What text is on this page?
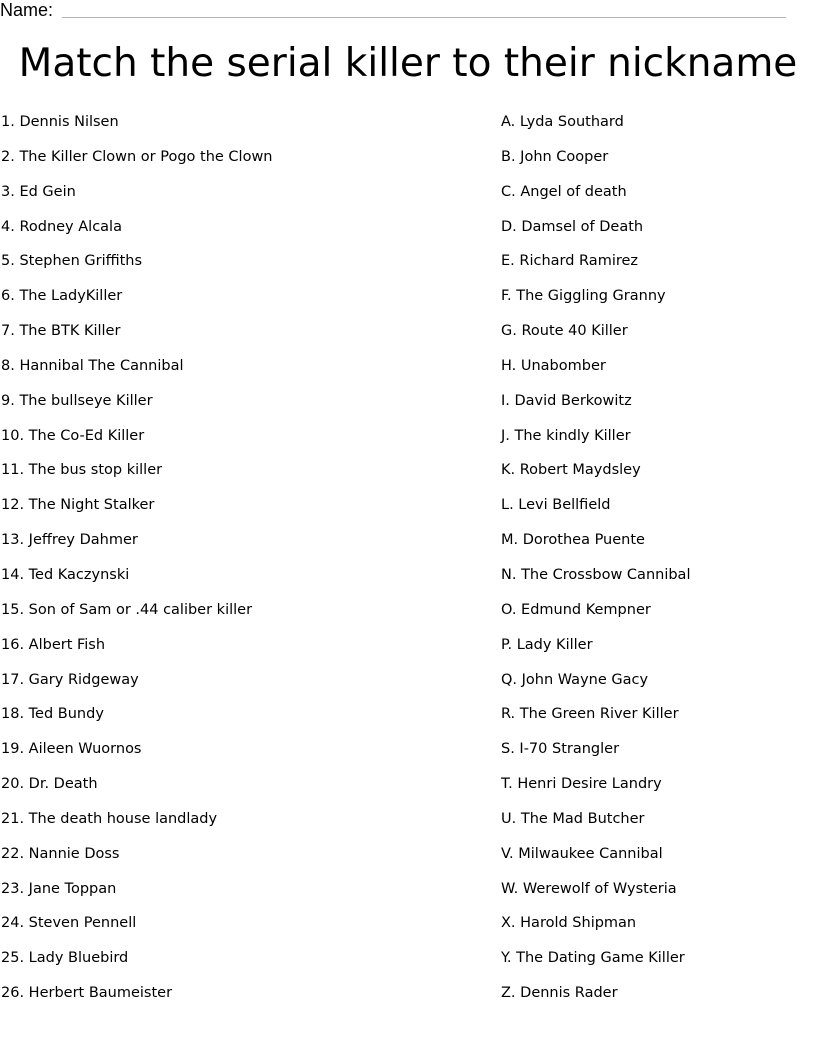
Name:
Match the serial killer to their nickname
1. Dennis Nilsen
2. The Killer Clown or Pogo the Clown
3. Ed Gein
4. Rodney Alcala
5. Stephen Griffiths
6. The LadyKiller
7. The BTK Killer
8. Hannibal The Cannibal
9. The bullseye Killer
10. The Co-Ed Killer
11. The bus stop killer
12. The Night Stalker
13. Jeffrey Dahmer
14. Ted Kaczynski
15. Son of Sam or .44 caliber killer
16. Albert Fish
17. Gary Ridgeway
18. Ted Bundy
19. Aileen Wuornos
20. Dr. Death
21. The death house landlady
22. Nannie Doss
23. Jane Toppan
24. Steven Pennell
25. Lady Bluebird
26. Herbert Baumeister
A. Lyda Southard
B. John Cooper
C. Angel of death
D. Damsel of Death
E. Richard Ramirez
F. The Giggling Granny
G. Route 40 Killer
H. Unabomber
I. David Berkowitz
J. The kindly Killer
K. Robert Maydsley
L. Levi Bellfield
M. Dorothea Puente
N. The Crossbow Cannibal
O. Edmund Kempner
P. Lady Killer
Q. John Wayne Gacy
R. The Green River Killer
S. I-70 Strangler
T. Henri Desire Landry
U. The Mad Butcher
V. Milwaukee Cannibal
W. Werewolf of Wysteria
X. Harold Shipman
Y. The Dating Game Killer
Z. Dennis Rader
